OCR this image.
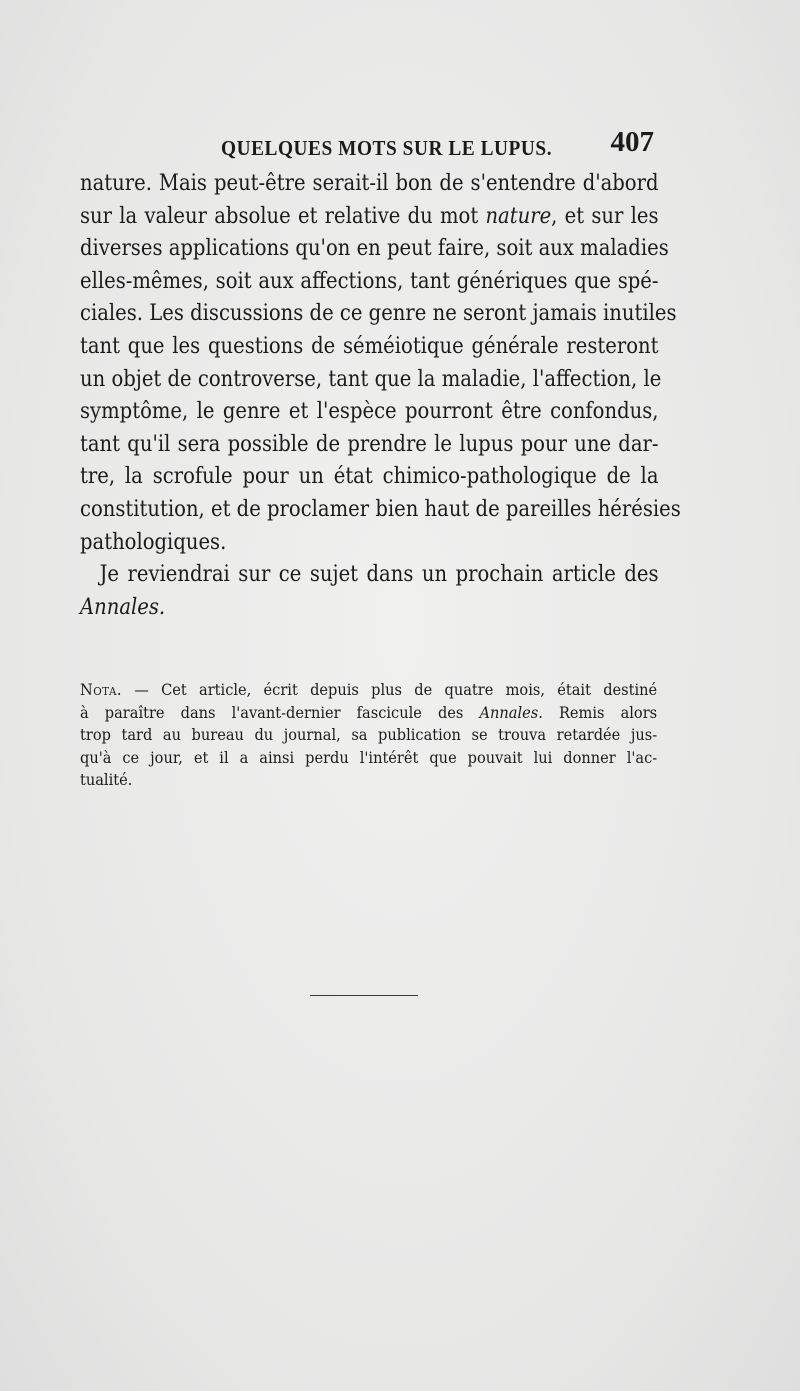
QUELQUES MOTS SUR LE LUPUS. 407
nature. Mais peut-être serait-il bon de s'entendre d'abord
sur la valeur absolue et relative du mot nature, et sur les
diverses applications qu'on en peut faire, soit aux maladies
elles-mêmes, soit aux affections, tant génériques que spé-
ciales. Les discussions de ce genre ne seront jamais inutiles
tant que les questions de séméiotique générale resteront
un objet de controverse, tant que la maladie, l'affection, le
symptôme, le genre et l'espèce pourront être confondus,
tant qu'il sera possible de prendre le lupus pour une dar-
tre, la scrofule pour un état chimico-pathologique de la
constitution, et de proclamer bien haut de pareilles hérésies
pathologiques.
Je reviendrai sur ce sujet dans un prochain article des
Annales.
Nota. — Cet article, écrit depuis plus de quatre mois, était destiné
à paraître dans l'avant-dernier fascicule des Annales. Remis alors
trop tard au bureau du journal, sa publication se trouva retardée jus-
qu'à ce jour, et il a ainsi perdu l'intérêt que pouvait lui donner l'ac-
tualité.
